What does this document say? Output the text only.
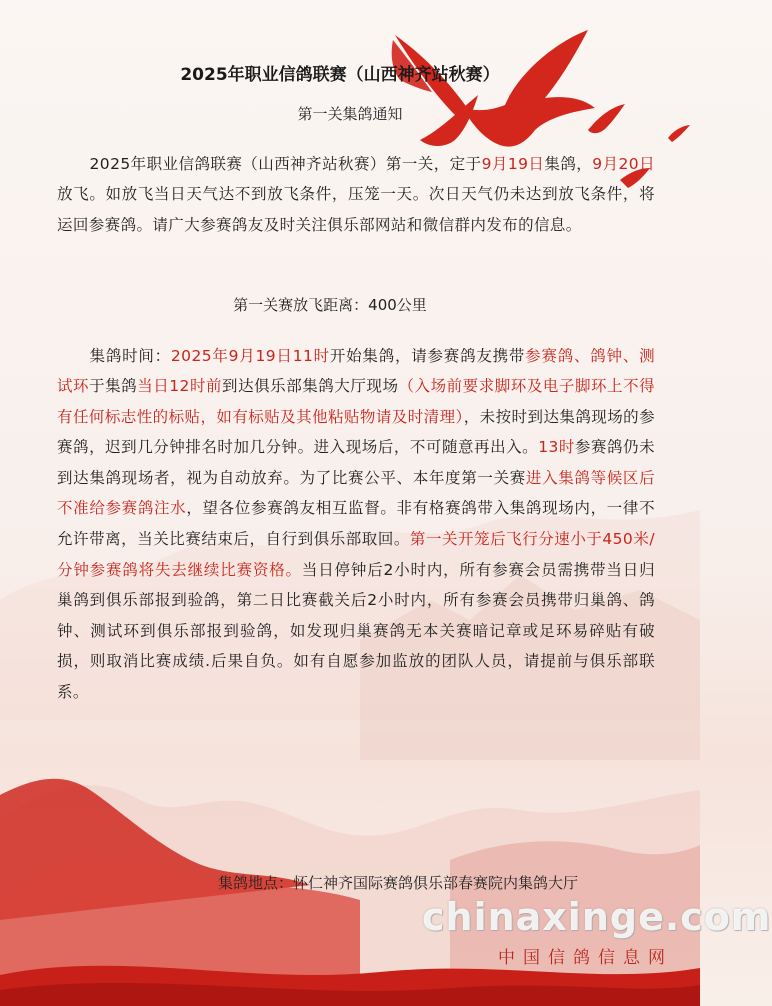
2025年职业信鸽联赛（山西神齐站秋赛）
第一关集鸽通知

2025年职业信鸽联赛（山西神齐站秋赛）第一关，定于9月19日集鸽，9月20日放飞。如放飞当日天气达不到放飞条件，压笼一天。次日天气仍未达到放飞条件，将运回参赛鸽。请广大参赛鸽友及时关注俱乐部网站和微信群内发布的信息。

第一关赛放飞距离：400公里

集鸽时间：2025年9月19日11时开始集鸽，请参赛鸽友携带参赛鸽、鸽钟、测试环于集鸽当日12时前到达俱乐部集鸽大厅现场（入场前要求脚环及电子脚环上不得有任何标志性的标贴，如有标贴及其他粘贴物请及时清理），未按时到达集鸽现场的参赛鸽，迟到几分钟排名时加几分钟。进入现场后，不可随意再出入。13时参赛鸽仍未到达集鸽现场者，视为自动放弃。为了比赛公平、本年度第一关赛进入集鸽等候区后不准给参赛鸽注水，望各位参赛鸽友相互监督。非有格赛鸽带入集鸽现场内，一律不允许带离，当关比赛结束后，自行到俱乐部取回。第一关开笼后飞行分速小于450米/分钟参赛鸽将失去继续比赛资格。当日停钟后2小时内，所有参赛会员需携带当日归巢鸽到俱乐部报到验鸽，第二日比赛截关后2小时内，所有参赛会员携带归巢鸽、鸽钟、测试环到俱乐部报到验鸽，如发现归巢赛鸽无本关赛暗记章或足环易碎贴有破损，则取消比赛成绩.后果自负。如有自愿参加监放的团队人员，请提前与俱乐部联系。

集鸽地点：怀仁神齐国际赛鸽俱乐部春赛院内集鸽大厅
chinaxinge.com
中国信鸽信息网
